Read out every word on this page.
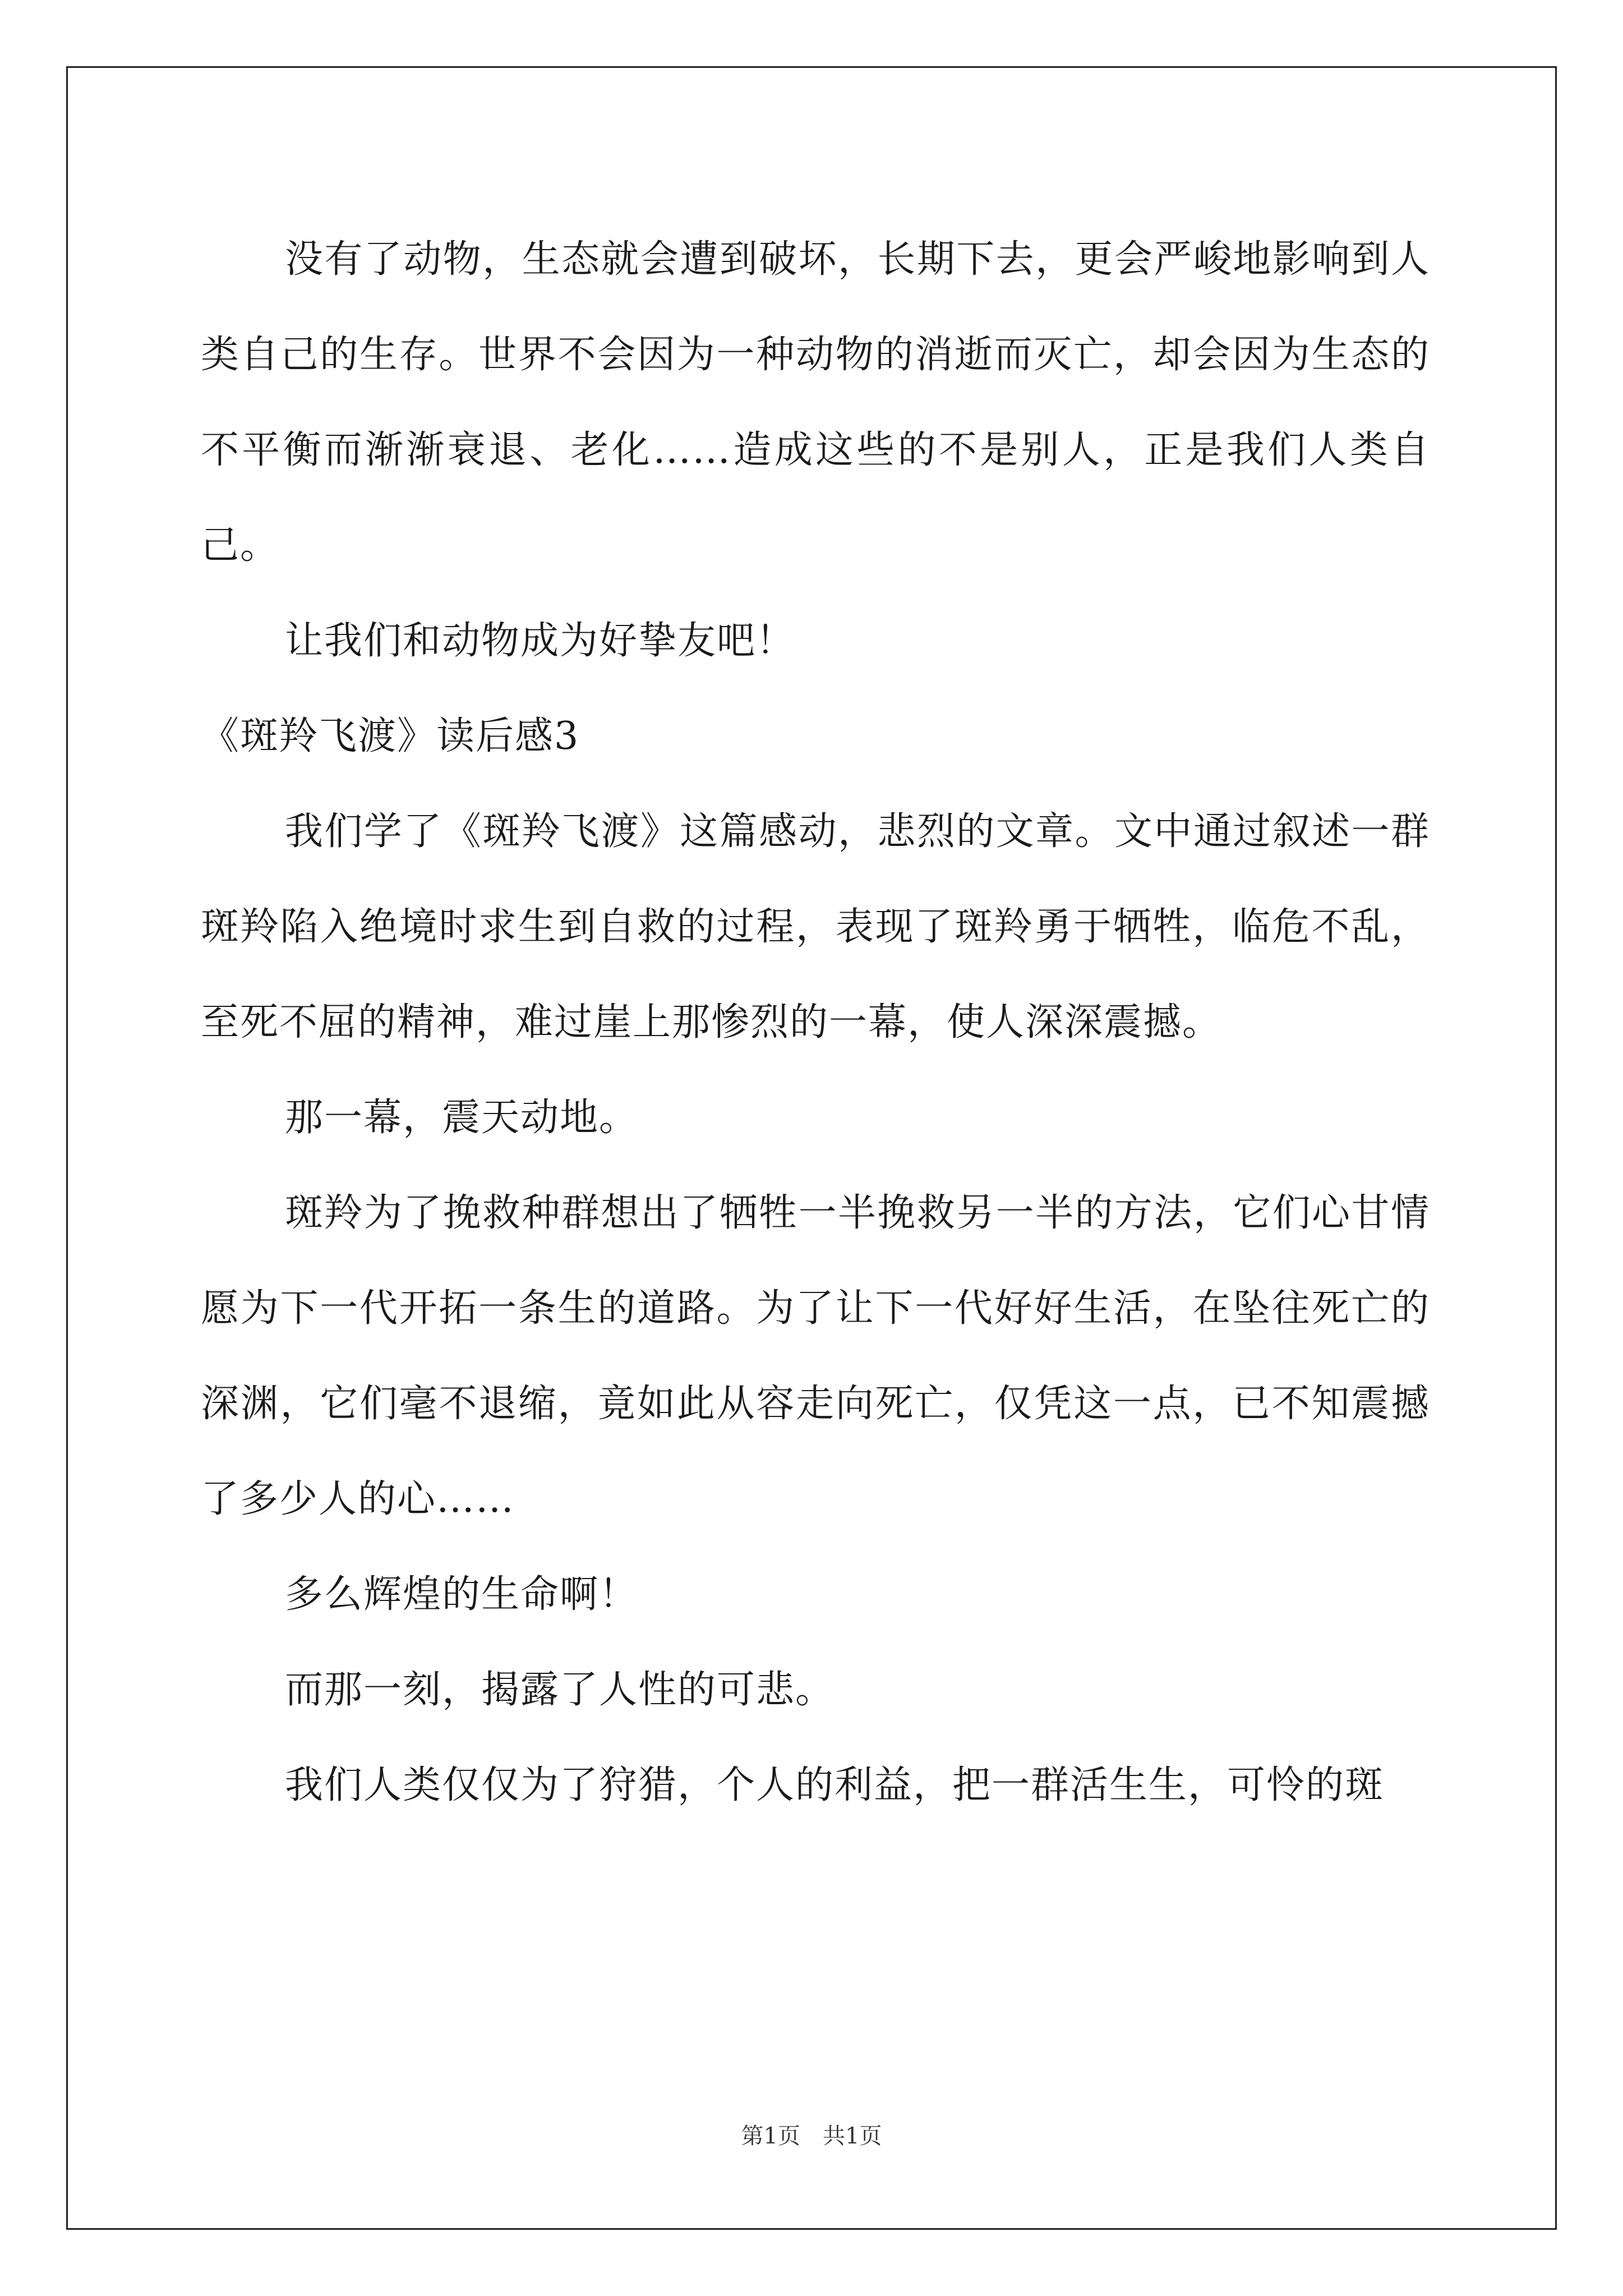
没有了动物，生态就会遭到破坏，长期下去，更会严峻地影响到人类自己的生存。世界不会因为一种动物的消逝而灭亡，却会因为生态的不平衡而渐渐衰退、老化……造成这些的不是别人，正是我们人类自己。

让我们和动物成为好挚友吧！

《斑羚飞渡》读后感3

我们学了《斑羚飞渡》这篇感动，悲烈的文章。文中通过叙述一群斑羚陷入绝境时求生到自救的过程，表现了斑羚勇于牺牲，临危不乱，至死不屈的精神，难过崖上那惨烈的一幕，使人深深震撼。

那一幕，震天动地。

斑羚为了挽救种群想出了牺牲一半挽救另一半的方法，它们心甘情愿为下一代开拓一条生的道路。为了让下一代好好生活，在坠往死亡的深渊，它们毫不退缩，竟如此从容走向死亡，仅凭这一点，已不知震撼了多少人的心……

多么辉煌的生命啊！

而那一刻，揭露了人性的可悲。

我们人类仅仅为了狩猎，个人的利益，把一群活生生，可怜的斑

第1页 共1页
